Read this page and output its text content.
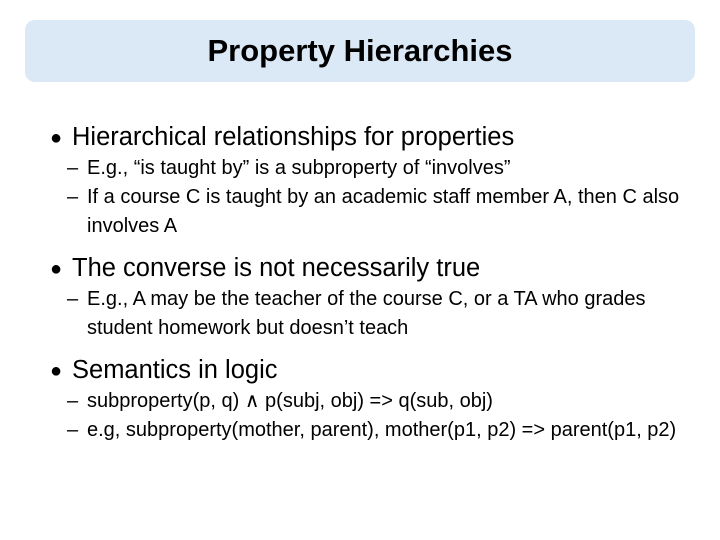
Property Hierarchies
● Hierarchical relationships for properties
– E.g., “is taught by” is a subproperty of “involves”
– If a course C is taught by an academic staff member A, then C also involves A
● The converse is not necessarily true
– E.g., A may be the teacher of the course C, or a TA who grades student homework but doesn’t teach
● Semantics in logic
– subproperty(p, q) ∧ p(subj, obj) => q(sub, obj)
– e.g, subproperty(mother, parent), mother(p1, p2) => parent(p1, p2)
